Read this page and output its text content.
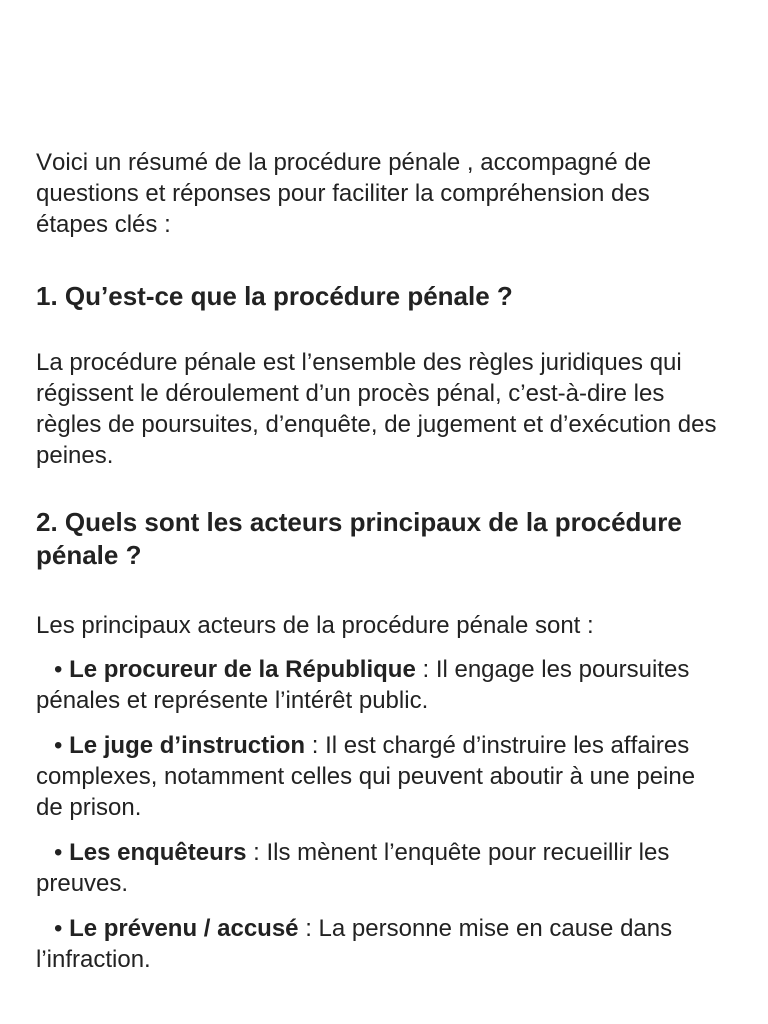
Voici un résumé de la procédure pénale , accompagné de questions et réponses pour faciliter la compréhension des étapes clés :

1. Qu’est-ce que la procédure pénale ?

La procédure pénale est l’ensemble des règles juridiques qui régissent le déroulement d’un procès pénal, c’est-à-dire les règles de poursuites, d’enquête, de jugement et d’exécution des peines.

2. Quels sont les acteurs principaux de la procédure pénale ?

Les principaux acteurs de la procédure pénale sont :

• Le procureur de la République : Il engage les poursuites pénales et représente l’intérêt public.
• Le juge d’instruction : Il est chargé d’instruire les affaires complexes, notamment celles qui peuvent aboutir à une peine de prison.
• Les enquêteurs : Ils mènent l’enquête pour recueillir les preuves.
• Le prévenu / accusé : La personne mise en cause dans l’infraction.
